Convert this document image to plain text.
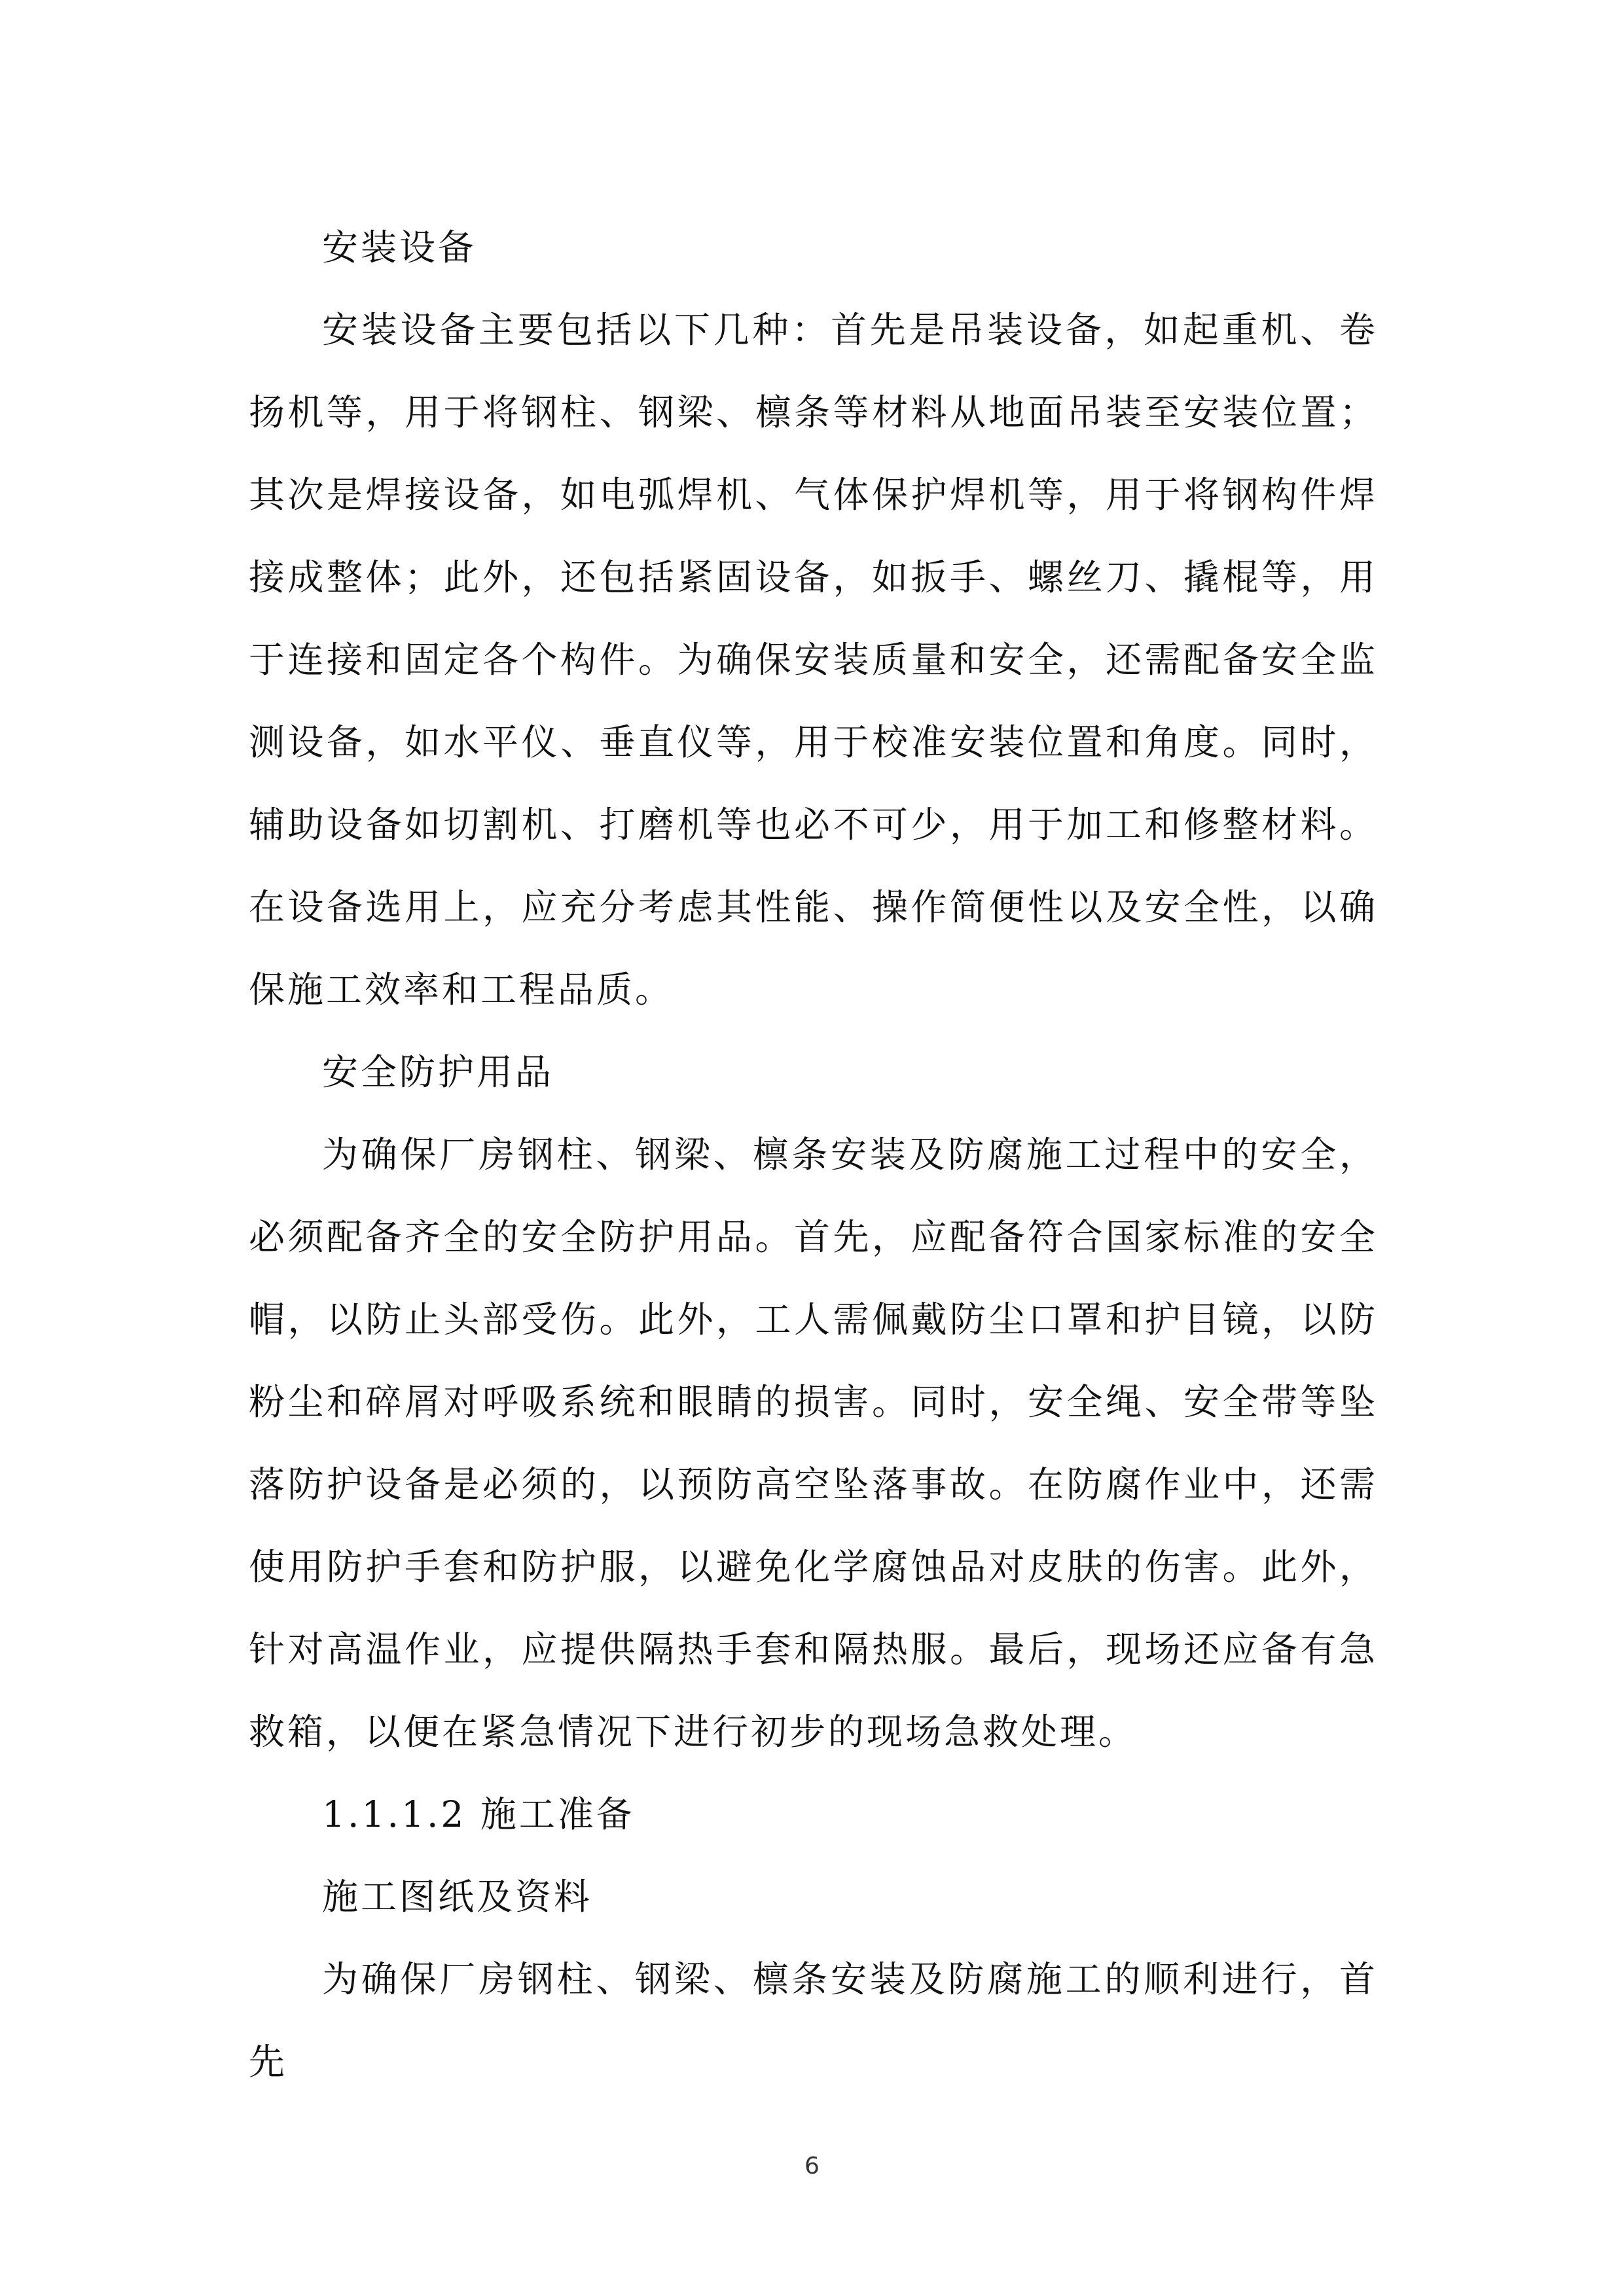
安装设备

安装设备主要包括以下几种：首先是吊装设备，如起重机、卷扬机等，用于将钢柱、钢梁、檩条等材料从地面吊装至安装位置；其次是焊接设备，如电弧焊机、气体保护焊机等，用于将钢构件焊接成整体；此外，还包括紧固设备，如扳手、螺丝刀、撬棍等，用于连接和固定各个构件。为确保安装质量和安全，还需配备安全监测设备，如水平仪、垂直仪等，用于校准安装位置和角度。同时，辅助设备如切割机、打磨机等也必不可少，用于加工和修整材料。在设备选用上，应充分考虑其性能、操作简便性以及安全性，以确保施工效率和工程品质。

安全防护用品

为确保厂房钢柱、钢梁、檩条安装及防腐施工过程中的安全，必须配备齐全的安全防护用品。首先，应配备符合国家标准的安全帽，以防止头部受伤。此外，工人需佩戴防尘口罩和护目镜，以防粉尘和碎屑对呼吸系统和眼睛的损害。同时，安全绳、安全带等坠落防护设备是必须的，以预防高空坠落事故。在防腐作业中，还需使用防护手套和防护服，以避免化学腐蚀品对皮肤的伤害。此外，针对高温作业，应提供隔热手套和隔热服。最后，现场还应备有急救箱，以便在紧急情况下进行初步的现场急救处理。

1.1.1.2 施工准备

施工图纸及资料

为确保厂房钢柱、钢梁、檩条安装及防腐施工的顺利进行，首先

6
